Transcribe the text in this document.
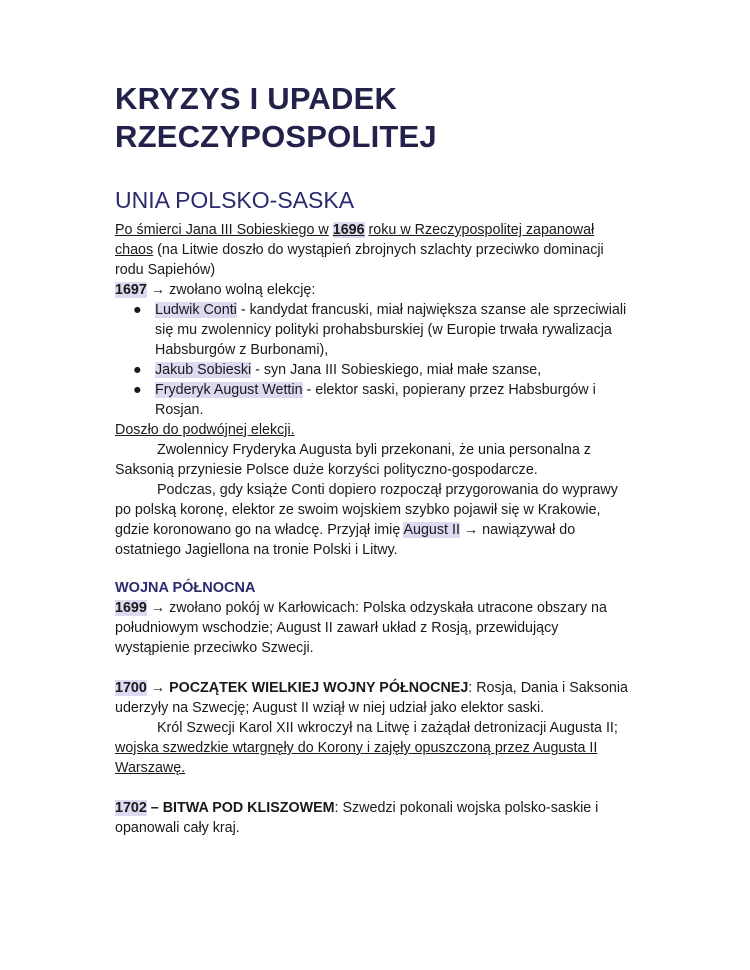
KRYZYS I UPADEK RZECZYPOSPOLITEJ
UNIA POLSKO-SASKA

Po śmierci Jana III Sobieskiego w 1696 roku w Rzeczypospolitej zapanował chaos (na Litwie doszło do wystąpień zbrojnych szlachty przeciwko dominacji rodu Sapiehów)

1697 → zwołano wolną elekcję:

● Ludwik Conti - kandydat francuski, miał największa szanse ale sprzeciwiali się mu zwolennicy polityki prohabsburskiej (w Europie trwała rywalizacja Habsburgów z Burbonami),
● Jakub Sobieski - syn Jana III Sobieskiego, miał małe szanse,
● Fryderyk August Wettin - elektor saski, popierany przez Habsburgów i Rosjan.

Doszło do podwójnej elekcji.

Zwolennicy Fryderyka Augusta byli przekonani, że unia personalna z Saksonią przyniesie Polsce duże korzyści polityczno-gospodarcze.

Podczas, gdy książe Conti dopiero rozpoczął przygorowania do wyprawy po polską koronę, elektor ze swoim wojskiem szybko pojawił się w Krakowie, gdzie koronowano go na władcę. Przyjął imię August II → nawiązywał do ostatniego Jagiellona na tronie Polski i Litwy.

WOJNA PÓŁNOCNA

1699 → zwołano pokój w Karłowicach: Polska odzyskała utracone obszary na południowym wschodzie; August II zawarł układ z Rosją, przewidujący wystąpienie przeciwko Szwecji.

1700 → POCZĄTEK WIELKIEJ WOJNY PÓŁNOCNEJ: Rosja, Dania i Saksonia uderzyły na Szwecję; August II wziął w niej udział jako elektor saski.

Król Szwecji Karol XII wkroczył na Litwę i zażądał detronizacji Augusta II; wojska szwedzkie wtargnęły do Korony i zajęły opuszczoną przez Augusta II Warszawę.

1702 – BITWA POD KLISZOWEM: Szwedzi pokonali wojska polsko-saskie i opanowali cały kraj.
